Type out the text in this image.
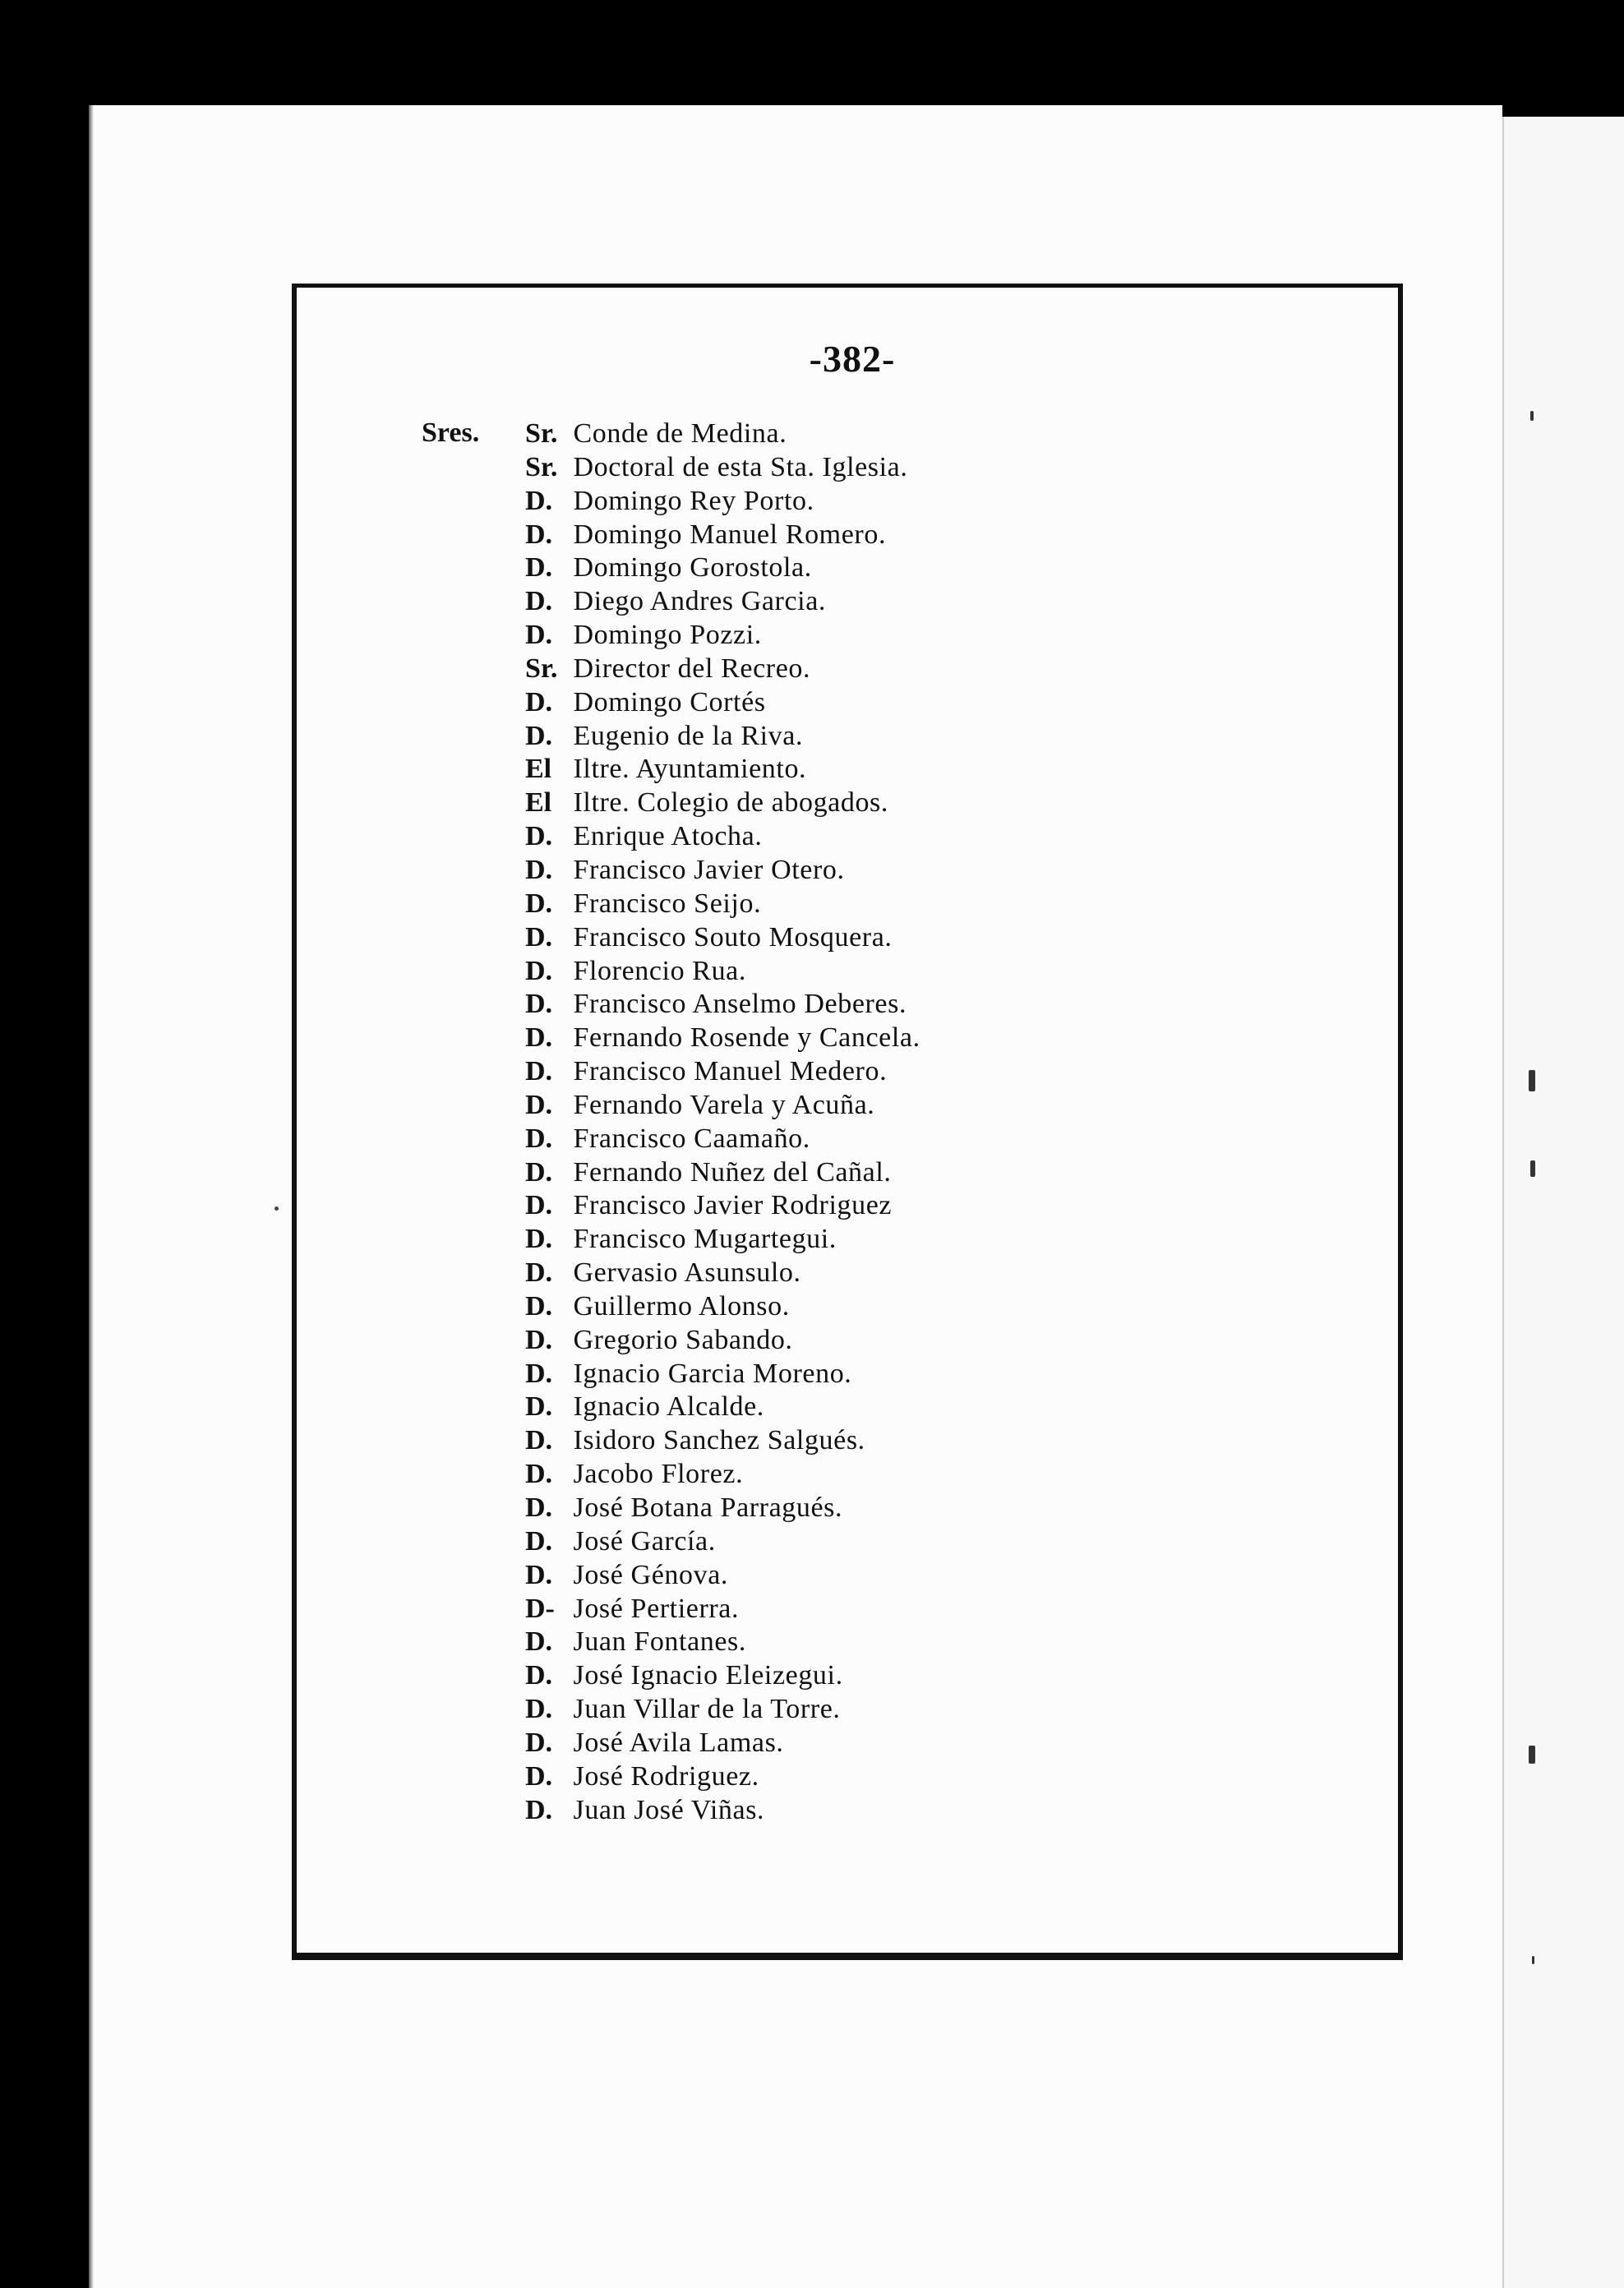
-382-
Sres. Sr. Conde de Medina.
Sr. Doctoral de esta Sta. Iglesia.
D. Domingo Rey Porto.
D. Domingo Manuel Romero.
D. Domingo Gorostola.
D. Diego Andres Garcia.
D. Domingo Pozzi.
Sr. Director del Recreo.
D. Domingo Cortés
D. Eugenio de la Riva.
El Iltre. Ayuntamiento.
El Iltre. Colegio de abogados.
D. Enrique Atocha.
D. Francisco Javier Otero.
D. Francisco Seijo.
D. Francisco Souto Mosquera.
D. Florencio Rua.
D. Francisco Anselmo Deberes.
D. Fernando Rosende y Cancela.
D. Francisco Manuel Medero.
D. Fernando Varela y Acuña.
D. Francisco Caamaño.
D. Fernando Nuñez del Cañal.
D. Francisco Javier Rodriguez
D. Francisco Mugartegui.
D. Gervasio Asunsulo.
D. Guillermo Alonso.
D. Gregorio Sabando.
D. Ignacio Garcia Moreno.
D. Ignacio Alcalde.
D. Isidoro Sanchez Salgués.
D. Jacobo Florez.
D. José Botana Parragués.
D. José García.
D. José Génova.
D- José Pertierra.
D. Juan Fontanes.
D. José Ignacio Eleizegui.
D. Juan Villar de la Torre.
D. José Avila Lamas.
D. José Rodriguez.
D. Juan José Viñas.
